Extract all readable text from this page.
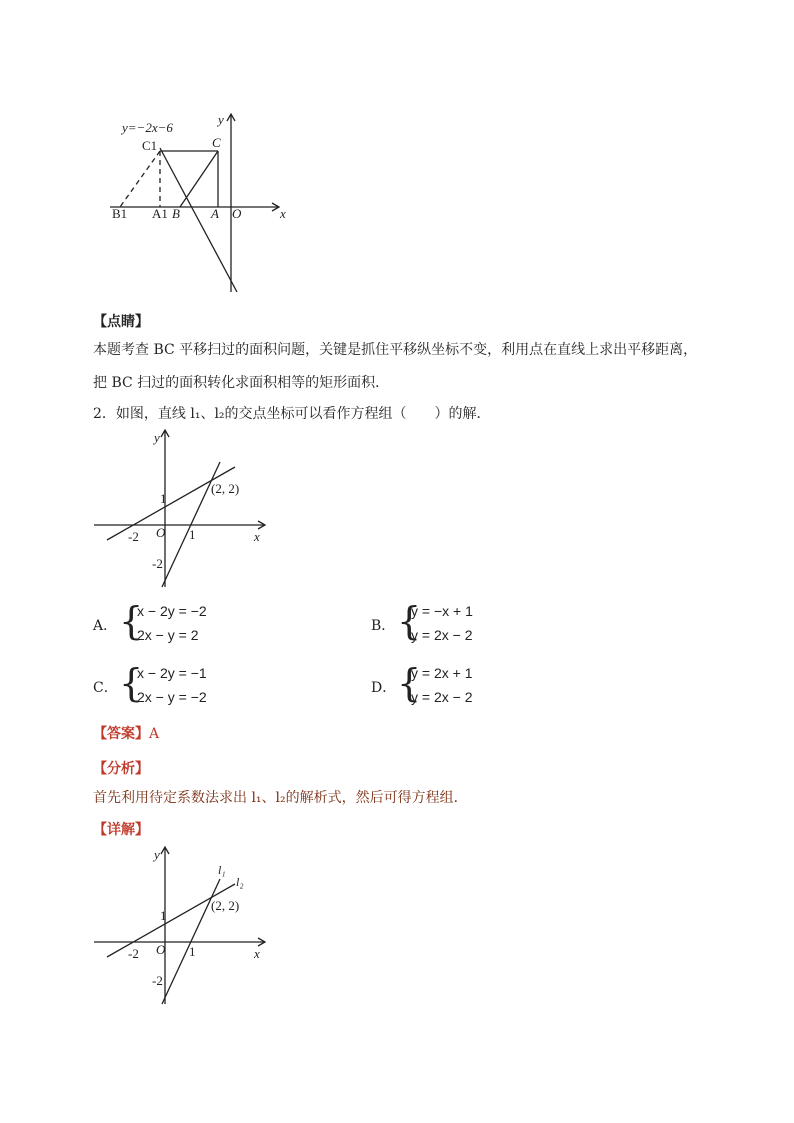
y=−2x−6
C1	C
y
B1 A1 B A O	x
【点睛】
本题考查 BC 平移扫过的面积问题，关键是抓住平移纵坐标不变，利用点在直线上求出平移距离，
把 BC 扫过的面积转化求面积相等的矩形面积．
2．如图，直线 l₁、l₂的交点坐标可以看作方程组（　　）的解．
y
1
(2, 2)
-2 O 1	x
-2
A． {
x − 2y = −2
2x − y = 2
B． {
y = −x + 1
y = 2x − 2
C． {
x − 2y = −1
2x − y = −2
D． {
y = 2x + 1
y = 2x − 2
【答案】A
【分析】
首先利用待定系数法求出 l₁、l₂的解析式，然后可得方程组．
【详解】
y
l₁
l₂
1
(2, 2)
-2 O 1	x
-2
